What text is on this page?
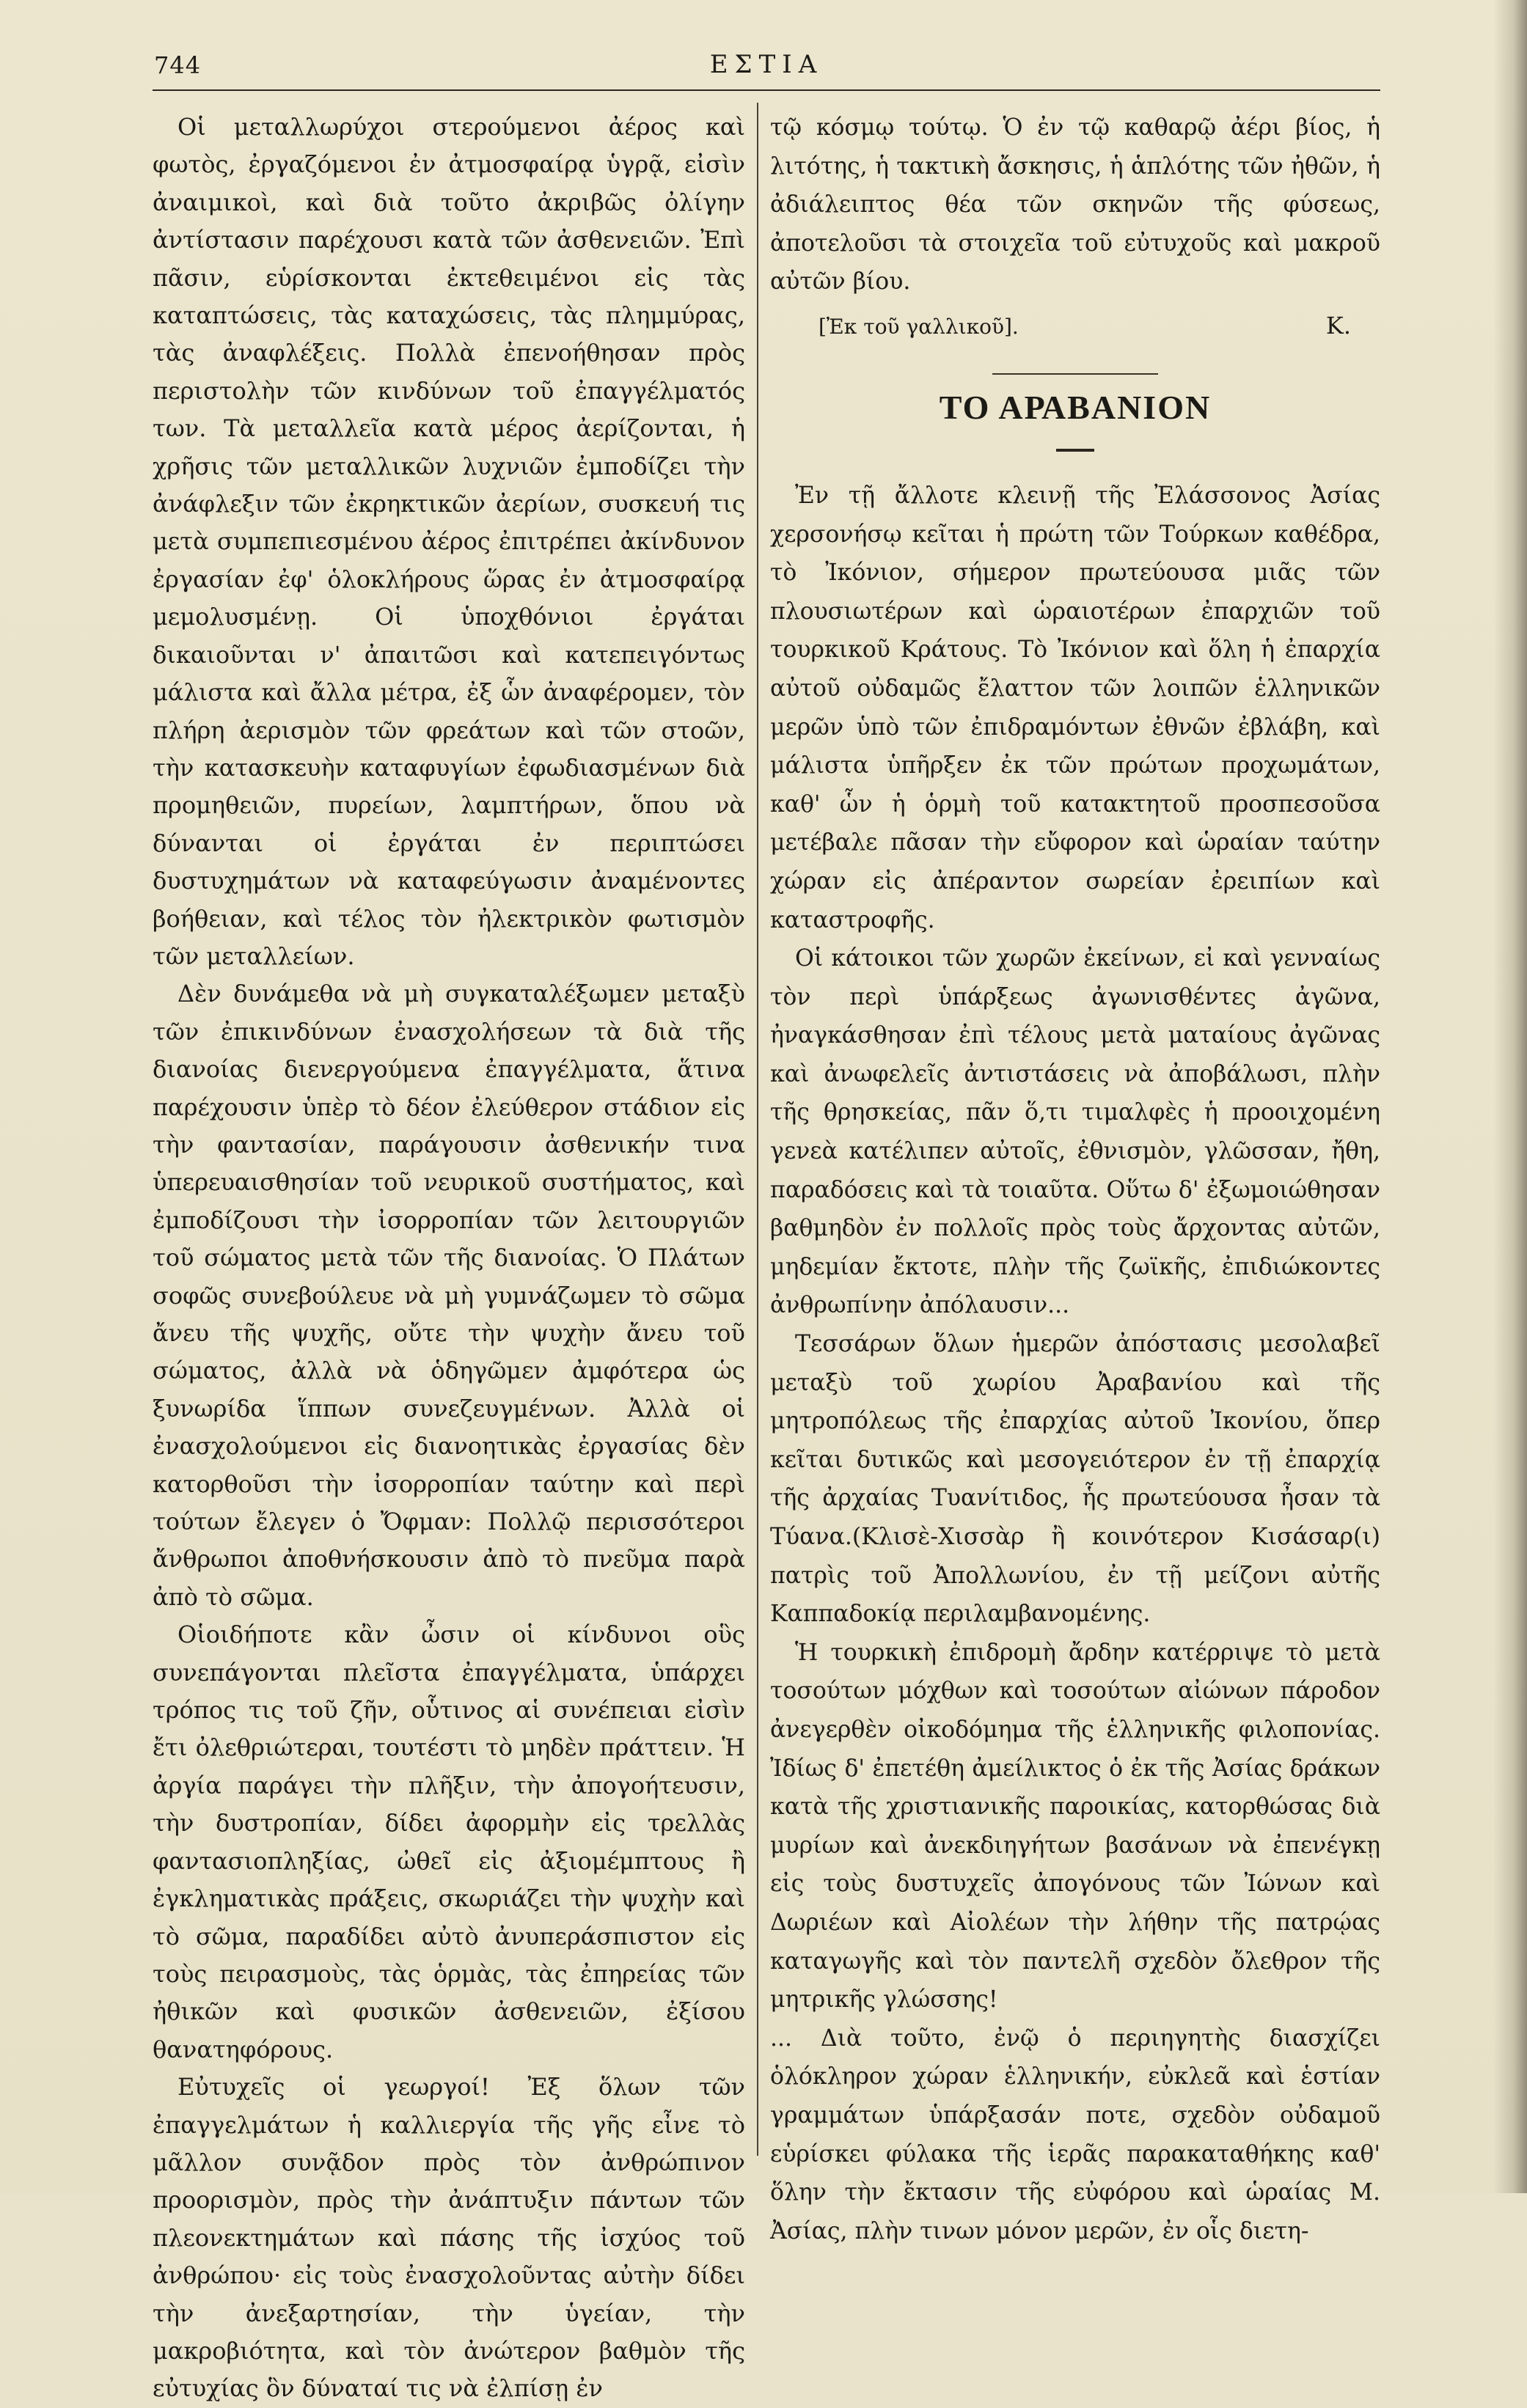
744	ΕΣΤΙΑ

Οἱ μεταλλωρύχοι στερούμενοι ἀέρος καὶ φωτὸς, ἐργαζόμενοι ἐν ἀτμοσφαίρᾳ ὑγρᾷ, εἰσὶν ἀναιμικοὶ, καὶ διὰ τοῦτο ἀκριβῶς ὀλίγην ἀντίστασιν παρέχουσι κατὰ τῶν ἀσθενειῶν. Ἐπὶ πᾶσιν, εὑρίσκονται ἐκτεθειμένοι εἰς τὰς καταπτώσεις, τὰς καταχώσεις, τὰς πλημμύρας, τὰς ἀναφλέξεις. Πολλὰ ἐπενοήθησαν πρὸς περιστολὴν τῶν κινδύνων τοῦ ἐπαγγέλματός των. Τὰ μεταλλεῖα κατὰ μέρος ἀερίζονται, ἡ χρῆσις τῶν μεταλλικῶν λυχνιῶν ἐμποδίζει τὴν ἀνάφλεξιν τῶν ἐκρηκτικῶν ἀερίων, συσκευή τις μετὰ συμπεπιεσμένου ἀέρος ἐπιτρέπει ἀκίνδυνον ἐργασίαν ἐφ' ὁλοκλήρους ὥρας ἐν ἀτμοσφαίρᾳ μεμολυσμένῃ. Οἱ ὑποχθόνιοι ἐργάται δικαιοῦνται ν' ἀπαιτῶσι καὶ κατεπειγόντως μάλιστα καὶ ἄλλα μέτρα, ἐξ ὧν ἀναφέρομεν, τὸν πλήρη ἀερισμὸν τῶν φρεάτων καὶ τῶν στοῶν, τὴν κατασκευὴν καταφυγίων ἐφωδιασμένων διὰ προμηθειῶν, πυρείων, λαμπτήρων, ὅπου νὰ δύνανται οἱ ἐργάται ἐν περιπτώσει δυστυχημάτων νὰ καταφεύγωσιν ἀναμένοντες βοήθειαν, καὶ τέλος τὸν ἠλεκτρικὸν φωτισμὸν τῶν μεταλλείων.

Δὲν δυνάμεθα νὰ μὴ συγκαταλέξωμεν μεταξὺ τῶν ἐπικινδύνων ἐνασχολήσεων τὰ διὰ τῆς διανοίας διενεργούμενα ἐπαγγέλματα, ἅτινα παρέχουσιν ὑπὲρ τὸ δέον ἐλεύθερον στάδιον εἰς τὴν φαντασίαν, παράγουσιν ἀσθενικήν τινα ὑπερευαισθησίαν τοῦ νευρικοῦ συστήματος, καὶ ἐμποδίζουσι τὴν ἰσορροπίαν τῶν λειτουργιῶν τοῦ σώματος μετὰ τῶν τῆς διανοίας. Ὁ Πλάτων σοφῶς συνεβούλευε νὰ μὴ γυμνάζωμεν τὸ σῶμα ἄνευ τῆς ψυχῆς, οὔτε τὴν ψυχὴν ἄνευ τοῦ σώματος, ἀλλὰ νὰ ὁδηγῶμεν ἀμφότερα ὡς ξυνωρίδα ἵππων συνεζευγμένων. Ἀλλὰ οἱ ἐνασχολούμενοι εἰς διανοητικὰς ἐργασίας δὲν κατορθοῦσι τὴν ἰσορροπίαν ταύτην καὶ περὶ τούτων ἔλεγεν ὁ Ὄφμαν: Πολλῷ περισσότεροι ἄνθρωποι ἀποθνήσκουσιν ἀπὸ τὸ πνεῦμα παρὰ ἀπὸ τὸ σῶμα.

Οἱοιδήποτε κἂν ὦσιν οἱ κίνδυνοι οὓς συνεπάγονται πλεῖστα ἐπαγγέλματα, ὑπάρχει τρόπος τις τοῦ ζῆν, οὗτινος αἱ συνέπειαι εἰσὶν ἔτι ὀλεθριώτεραι, τουτέστι τὸ μηδὲν πράττειν. Ἡ ἀργία παράγει τὴν πλῆξιν, τὴν ἀπογοήτευσιν, τὴν δυστροπίαν, δίδει ἀφορμὴν εἰς τρελλὰς φαντασιοπληξίας, ὠθεῖ εἰς ἀξιομέμπτους ἢ ἐγκληματικὰς πράξεις, σκωριάζει τὴν ψυχὴν καὶ τὸ σῶμα, παραδίδει αὐτὸ ἀνυπεράσπιστον εἰς τοὺς πειρασμοὺς, τὰς ὁρμὰς, τὰς ἐπηρείας τῶν ἠθικῶν καὶ φυσικῶν ἀσθενειῶν, ἐξίσου θανατηφόρους.

Εὐτυχεῖς οἱ γεωργοί! Ἐξ ὅλων τῶν ἐπαγγελμάτων ἡ καλλιεργία τῆς γῆς εἶνε τὸ μᾶλλον συνᾷδον πρὸς τὸν ἀνθρώπινον προορισμὸν, πρὸς τὴν ἀνάπτυξιν πάντων τῶν πλεονεκτημάτων καὶ πάσης τῆς ἰσχύος τοῦ ἀνθρώπου· εἰς τοὺς ἐνασχολοῦντας αὐτὴν δίδει τὴν ἀνεξαρτησίαν, τὴν ὑγείαν, τὴν μακροβιότητα, καὶ τὸν ἀνώτερον βαθμὸν τῆς εὐτυχίας ὃν δύναταί τις νὰ ἐλπίσῃ ἐν

τῷ κόσμῳ τούτῳ. Ὁ ἐν τῷ καθαρῷ ἀέρι βίος, ἡ λιτότης, ἡ τακτικὴ ἄσκησις, ἡ ἁπλότης τῶν ἠθῶν, ἡ ἀδιάλειπτος θέα τῶν σκηνῶν τῆς φύσεως, ἀποτελοῦσι τὰ στοιχεῖα τοῦ εὐτυχοῦς καὶ μακροῦ αὐτῶν βίου.

[Ἐκ τοῦ γαλλικοῦ].	Κ.
ΤΟ ΑΡΑΒΑΝΙΟΝ

Ἐν τῇ ἄλλοτε κλεινῇ τῆς Ἐλάσσονος Ἀσίας χερσονήσῳ κεῖται ἡ πρώτη τῶν Τούρκων καθέδρα, τὸ Ἰκόνιον, σήμερον πρωτεύουσα μιᾶς τῶν πλουσιωτέρων καὶ ὡραιοτέρων ἐπαρχιῶν τοῦ τουρκικοῦ Κράτους. Τὸ Ἰκόνιον καὶ ὅλη ἡ ἐπαρχία αὐτοῦ οὐδαμῶς ἔλαττον τῶν λοιπῶν ἑλληνικῶν μερῶν ὑπὸ τῶν ἐπιδραμόντων ἐθνῶν ἐβλάβη, καὶ μάλιστα ὑπῆρξεν ἐκ τῶν πρώτων προχωμάτων, καθ' ὧν ἡ ὁρμὴ τοῦ κατακτητοῦ προσπεσοῦσα μετέβαλε πᾶσαν τὴν εὔφορον καὶ ὡραίαν ταύτην χώραν εἰς ἀπέραντον σωρείαν ἐρειπίων καὶ καταστροφῆς.

Οἱ κάτοικοι τῶν χωρῶν ἐκείνων, εἰ καὶ γενναίως τὸν περὶ ὑπάρξεως ἀγωνισθέντες ἀγῶνα, ἠναγκάσθησαν ἐπὶ τέλους μετὰ ματαίους ἀγῶνας καὶ ἀνωφελεῖς ἀντιστάσεις νὰ ἀποβάλωσι, πλὴν τῆς θρησκείας, πᾶν ὅ,τι τιμαλφὲς ἡ προοιχομένη γενεὰ κατέλιπεν αὐτοῖς, ἐθνισμὸν, γλῶσσαν, ἤθη, παραδόσεις καὶ τὰ τοιαῦτα. Οὕτω δ' ἐξωμοιώθησαν βαθμηδὸν ἐν πολλοῖς πρὸς τοὺς ἄρχοντας αὐτῶν, μηδεμίαν ἔκτοτε, πλὴν τῆς ζωϊκῆς, ἐπιδιώκοντες ἀνθρωπίνην ἀπόλαυσιν...

Τεσσάρων ὅλων ἡμερῶν ἀπόστασις μεσολαβεῖ μεταξὺ τοῦ χωρίου Ἀραβανίου καὶ τῆς μητροπόλεως τῆς ἐπαρχίας αὐτοῦ Ἰκονίου, ὅπερ κεῖται δυτικῶς καὶ μεσογειότερον ἐν τῇ ἐπαρχίᾳ τῆς ἀρχαίας Τυανίτιδος, ἧς πρωτεύουσα ἦσαν τὰ Τύανα.(Κλισὲ-Χισσὰρ ἢ κοινότερον Κισάσαρ(ι) πατρὶς τοῦ Ἀπολλωνίου, ἐν τῇ μείζονι αὐτῆς Καππαδοκίᾳ περιλαμβανομένης.

Ἡ τουρκικὴ ἐπιδρομὴ ἄρδην κατέρριψε τὸ μετὰ τοσούτων μόχθων καὶ τοσούτων αἰώνων πάροδον ἀνεγερθὲν οἰκοδόμημα τῆς ἑλληνικῆς φιλοπονίας. Ἰδίως δ' ἐπετέθη ἀμείλικτος ὁ ἐκ τῆς Ἀσίας δράκων κατὰ τῆς χριστιανικῆς παροικίας, κατορθώσας διὰ μυρίων καὶ ἀνεκδιηγήτων βασάνων νὰ ἐπενέγκῃ εἰς τοὺς δυστυχεῖς ἀπογόνους τῶν Ἰώνων καὶ Δωριέων καὶ Αἰολέων τὴν λήθην τῆς πατρῴας καταγωγῆς καὶ τὸν παντελῆ σχεδὸν ὄλεθρον τῆς μητρικῆς γλώσσης!

... Διὰ τοῦτο, ἐνῷ ὁ περιηγητὴς διασχίζει ὁλόκληρον χώραν ἑλληνικήν, εὐκλεᾶ καὶ ἑστίαν γραμμάτων ὑπάρξασάν ποτε, σχεδὸν οὐδαμοῦ εὑρίσκει φύλακα τῆς ἱερᾶς παρακαταθήκης καθ' ὅλην τὴν ἔκτασιν τῆς εὐφόρου καὶ ὡραίας Μ. Ἀσίας, πλὴν τινων μόνον μερῶν, ἐν οἷς διετη-
